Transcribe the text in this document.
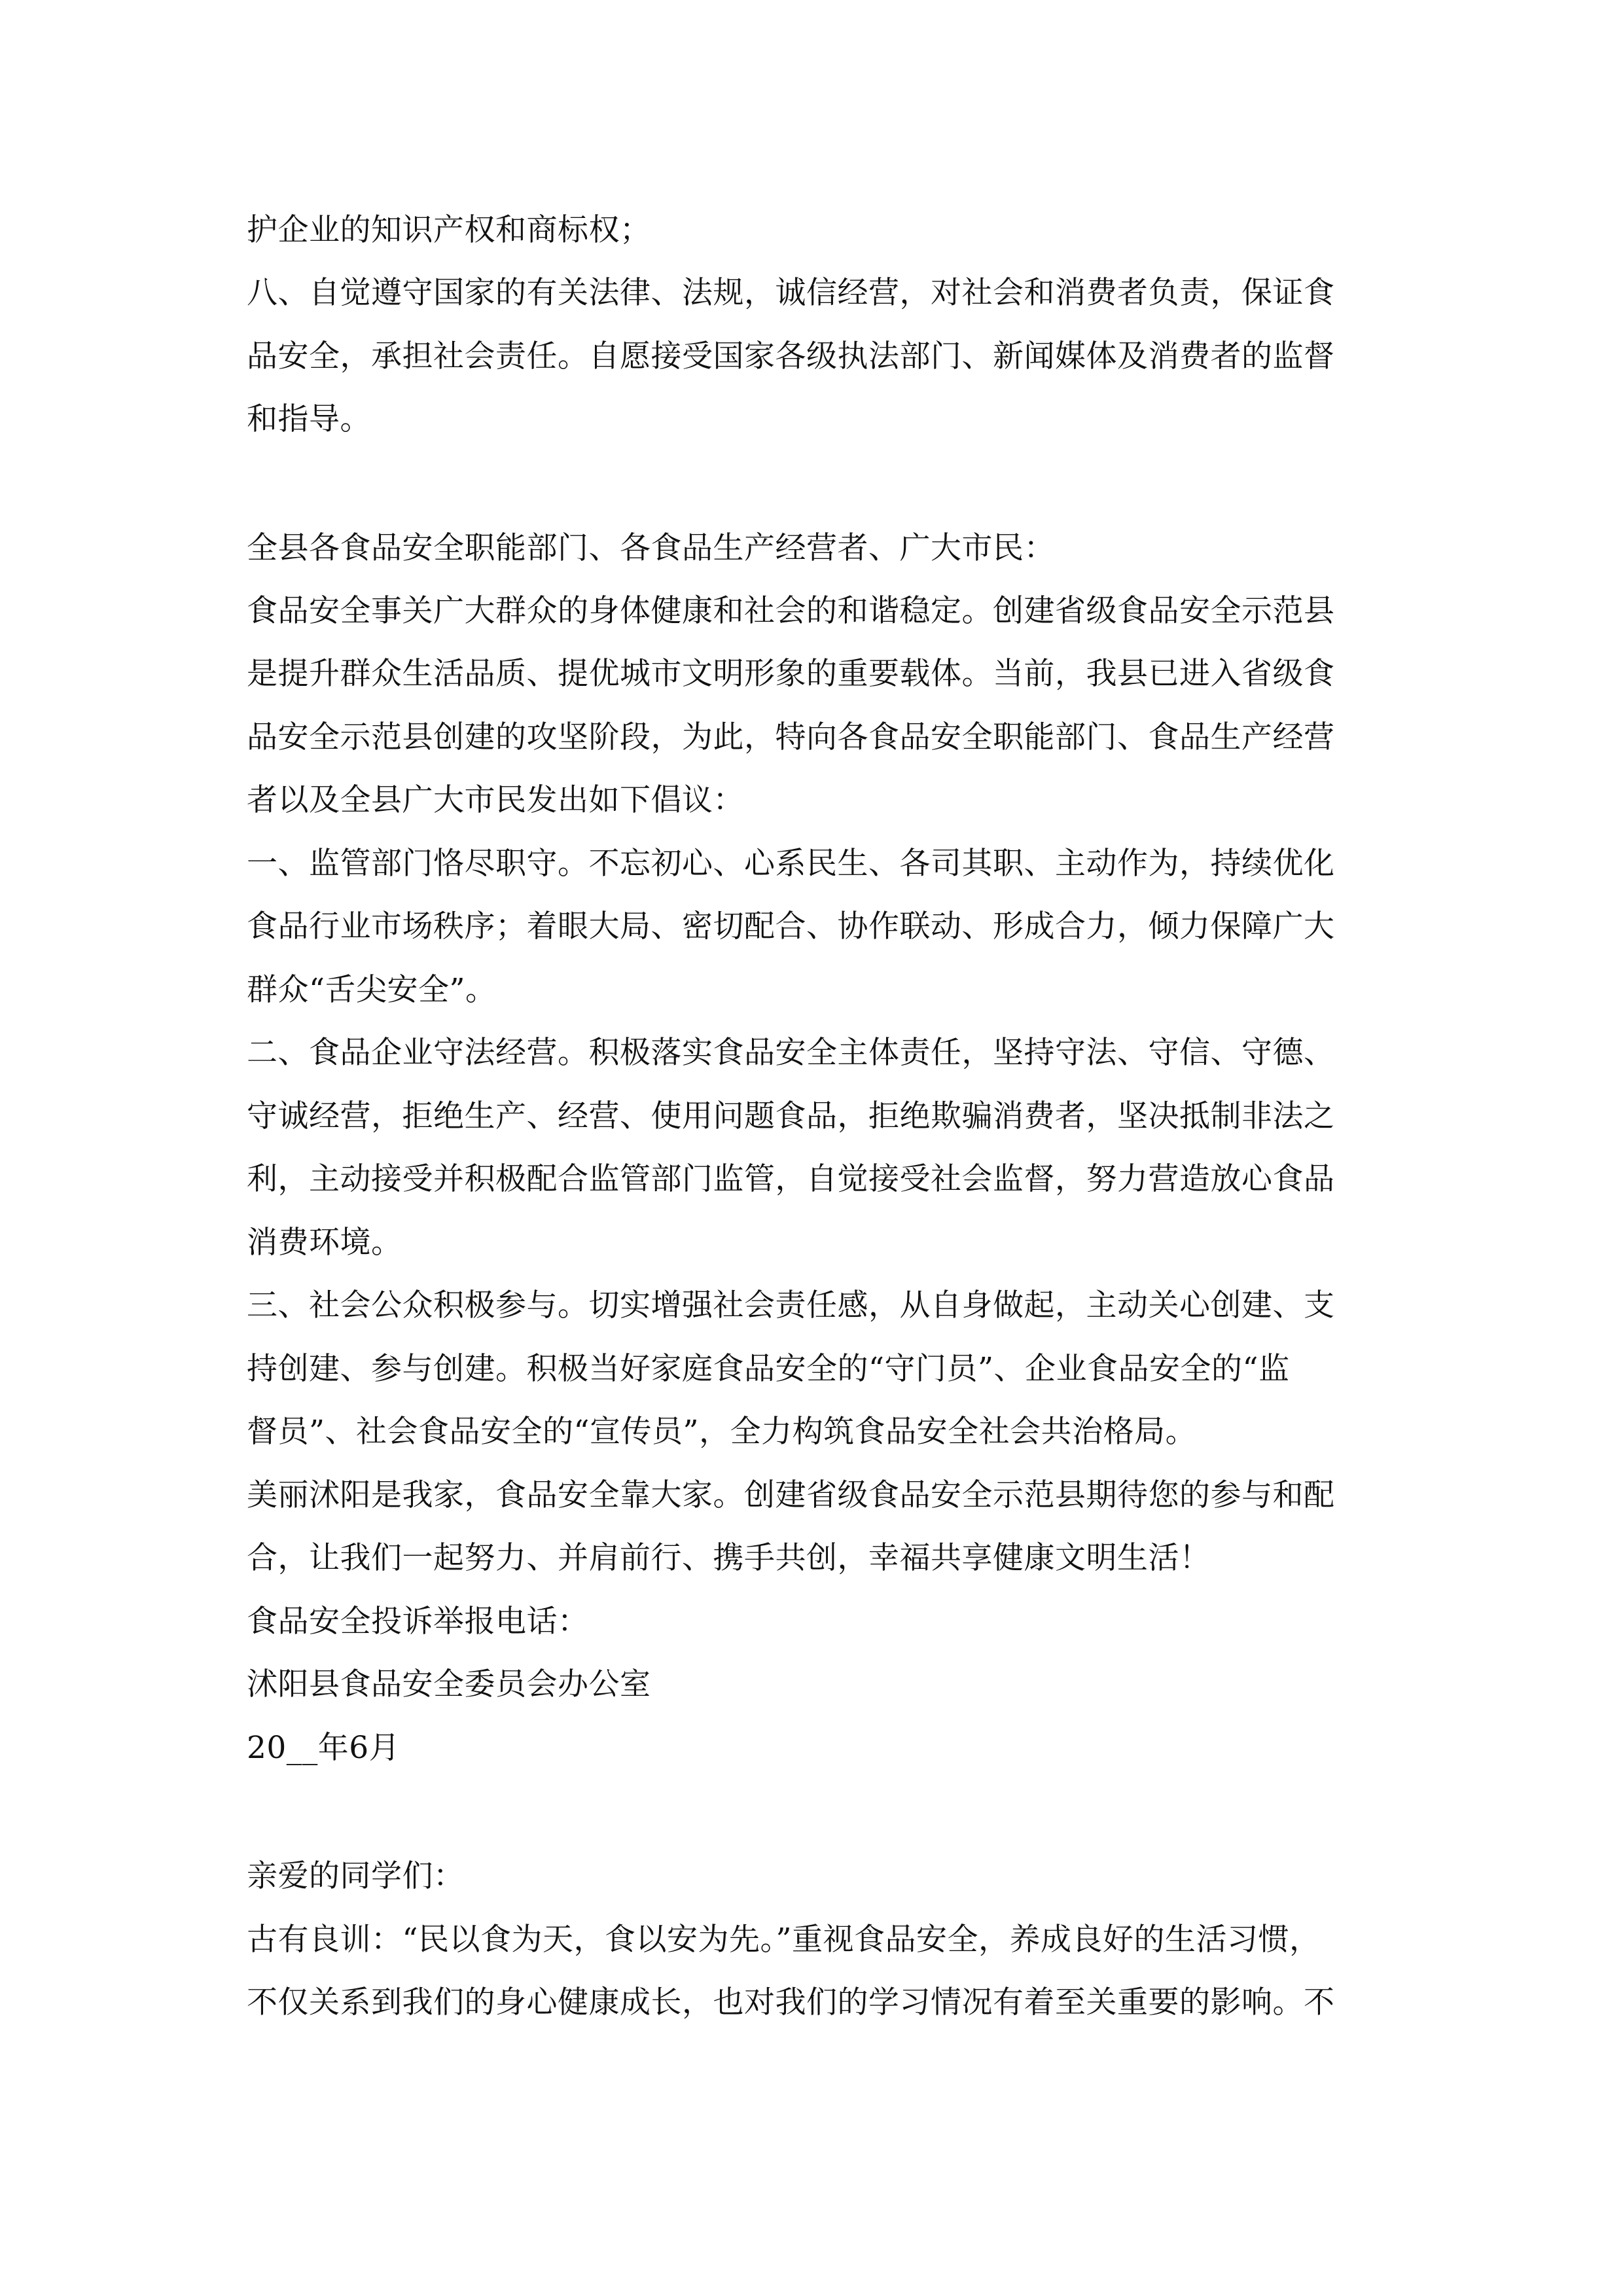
护企业的知识产权和商标权；
八、自觉遵守国家的有关法律、法规，诚信经营，对社会和消费者负责，保证食
品安全，承担社会责任。自愿接受国家各级执法部门、新闻媒体及消费者的监督
和指导。
全县各食品安全职能部门、各食品生产经营者、广大市民：
食品安全事关广大群众的身体健康和社会的和谐稳定。创建省级食品安全示范县
是提升群众生活品质、提优城市文明形象的重要载体。当前，我县已进入省级食
品安全示范县创建的攻坚阶段，为此，特向各食品安全职能部门、食品生产经营
者以及全县广大市民发出如下倡议：
一、监管部门恪尽职守。不忘初心、心系民生、各司其职、主动作为，持续优化
食品行业市场秩序；着眼大局、密切配合、协作联动、形成合力，倾力保障广大
群众“舌尖安全”。
二、食品企业守法经营。积极落实食品安全主体责任，坚持守法、守信、守德、
守诚经营，拒绝生产、经营、使用问题食品，拒绝欺骗消费者，坚决抵制非法之
利，主动接受并积极配合监管部门监管，自觉接受社会监督，努力营造放心食品
消费环境。
三、社会公众积极参与。切实增强社会责任感，从自身做起，主动关心创建、支
持创建、参与创建。积极当好家庭食品安全的“守门员”、企业食品安全的“监
督员”、社会食品安全的“宣传员”，全力构筑食品安全社会共治格局。
美丽沭阳是我家，食品安全靠大家。创建省级食品安全示范县期待您的参与和配
合，让我们一起努力、并肩前行、携手共创，幸福共享健康文明生活！
食品安全投诉举报电话：
沭阳县食品安全委员会办公室
20__年6月
亲爱的同学们：
古有良训：“民以食为天，食以安为先。”重视食品安全，养成良好的生活习惯，
不仅关系到我们的身心健康成长，也对我们的学习情况有着至关重要的影响。不
